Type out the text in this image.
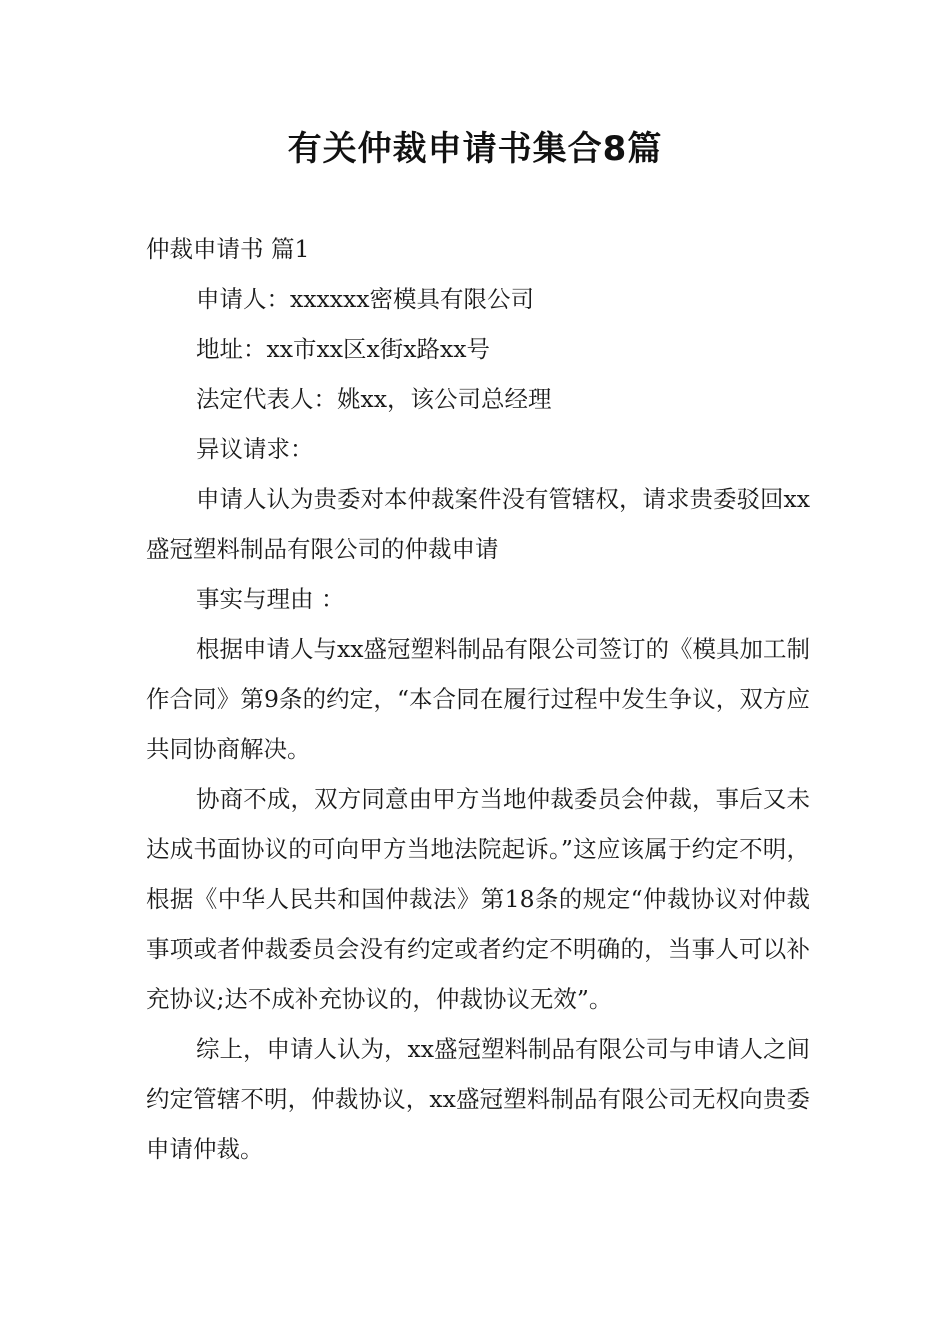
有关仲裁申请书集合8篇

仲裁申请书 篇1

申请人：xxxxxx密模具有限公司

地址：xx市xx区x街x路xx号

法定代表人：姚xx，该公司总经理

异议请求：

申请人认为贵委对本仲裁案件没有管辖权，请求贵委驳回xx盛冠塑料制品有限公司的仲裁申请

事实与理由 ：

根据申请人与xx盛冠塑料制品有限公司签订的《模具加工制作合同》第9条的约定，“本合同在履行过程中发生争议，双方应共同协商解决。

协商不成，双方同意由甲方当地仲裁委员会仲裁，事后又未达成书面协议的可向甲方当地法院起诉。”这应该属于约定不明，根据《中华人民共和国仲裁法》第18条的规定“仲裁协议对仲裁事项或者仲裁委员会没有约定或者约定不明确的，当事人可以补充协议;达不成补充协议的，仲裁协议无效”。

综上，申请人认为，xx盛冠塑料制品有限公司与申请人之间约定管辖不明，仲裁协议，xx盛冠塑料制品有限公司无权向贵委申请仲裁。
